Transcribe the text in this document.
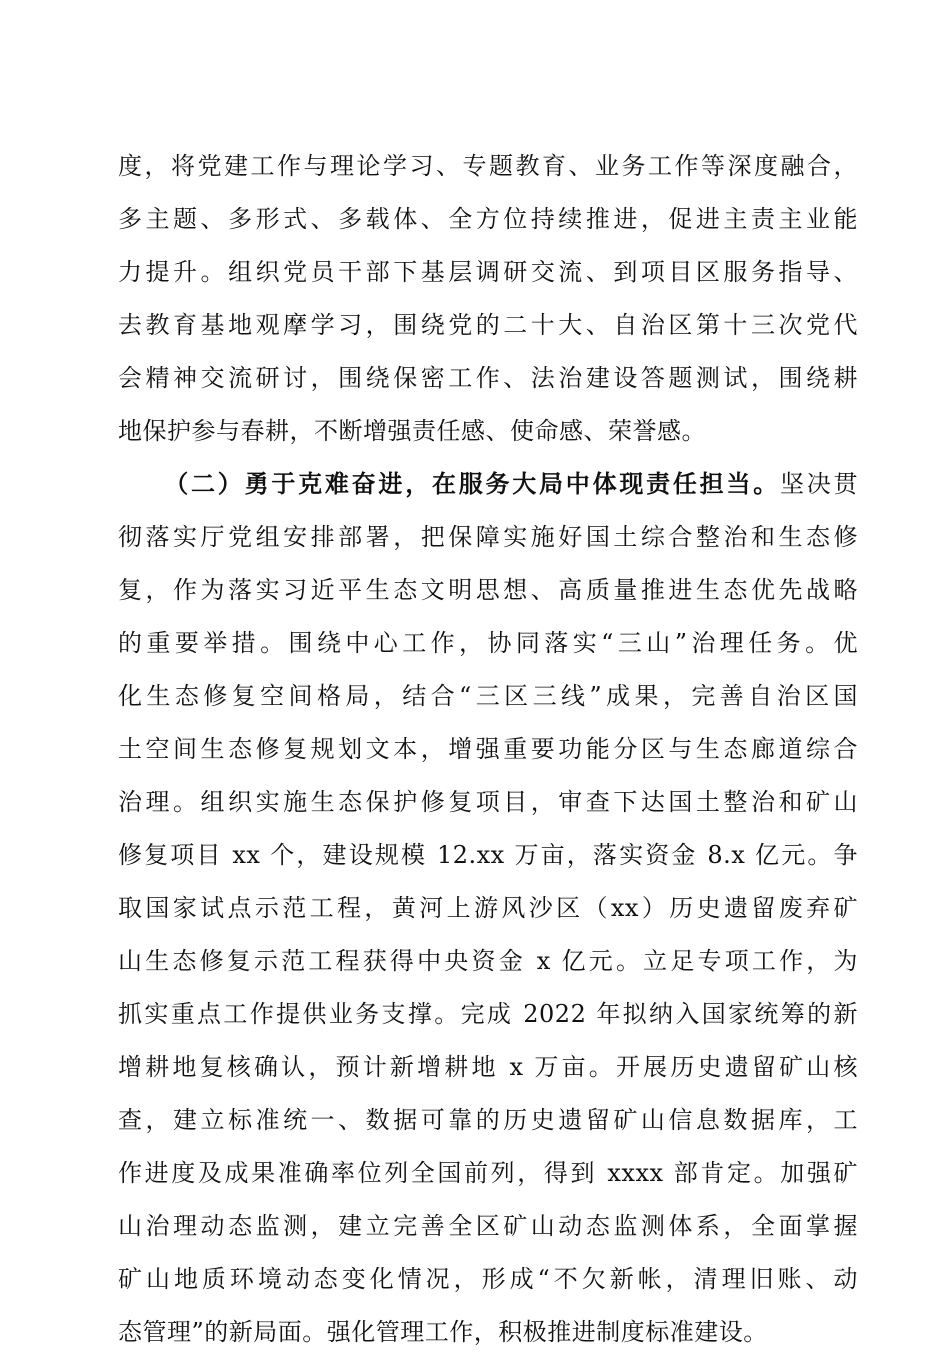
度，将党建工作与理论学习、专题教育、业务工作等深度融合，
多主题、多形式、多载体、全方位持续推进，促进主责主业能
力提升。组织党员干部下基层调研交流、到项目区服务指导、
去教育基地观摩学习，围绕党的二十大、自治区第十三次党代
会精神交流研讨，围绕保密工作、法治建设答题测试，围绕耕
地保护参与春耕，不断增强责任感、使命感、荣誉感。
（二）勇于克难奋进，在服务大局中体现责任担当。坚决贯
彻落实厅党组安排部署，把保障实施好国土综合整治和生态修
复，作为落实习近平生态文明思想、高质量推进生态优先战略
的重要举措。围绕中心工作，协同落实“三山”治理任务。优
化生态修复空间格局，结合“三区三线”成果，完善自治区国
土空间生态修复规划文本，增强重要功能分区与生态廊道综合
治理。组织实施生态保护修复项目，审查下达国土整治和矿山
修复项目 xx 个，建设规模 12.xx 万亩，落实资金 8.x 亿元。争
取国家试点示范工程，黄河上游风沙区（xx）历史遗留废弃矿
山生态修复示范工程获得中央资金 x 亿元。立足专项工作，为
抓实重点工作提供业务支撑。完成 2022 年拟纳入国家统筹的新
增耕地复核确认，预计新增耕地 x 万亩。开展历史遗留矿山核
查，建立标准统一、数据可靠的历史遗留矿山信息数据库，工
作进度及成果准确率位列全国前列，得到 xxxx 部肯定。加强矿
山治理动态监测，建立完善全区矿山动态监测体系，全面掌握
矿山地质环境动态变化情况，形成“不欠新帐，清理旧账、动
态管理”的新局面。强化管理工作，积极推进制度标准建设。
